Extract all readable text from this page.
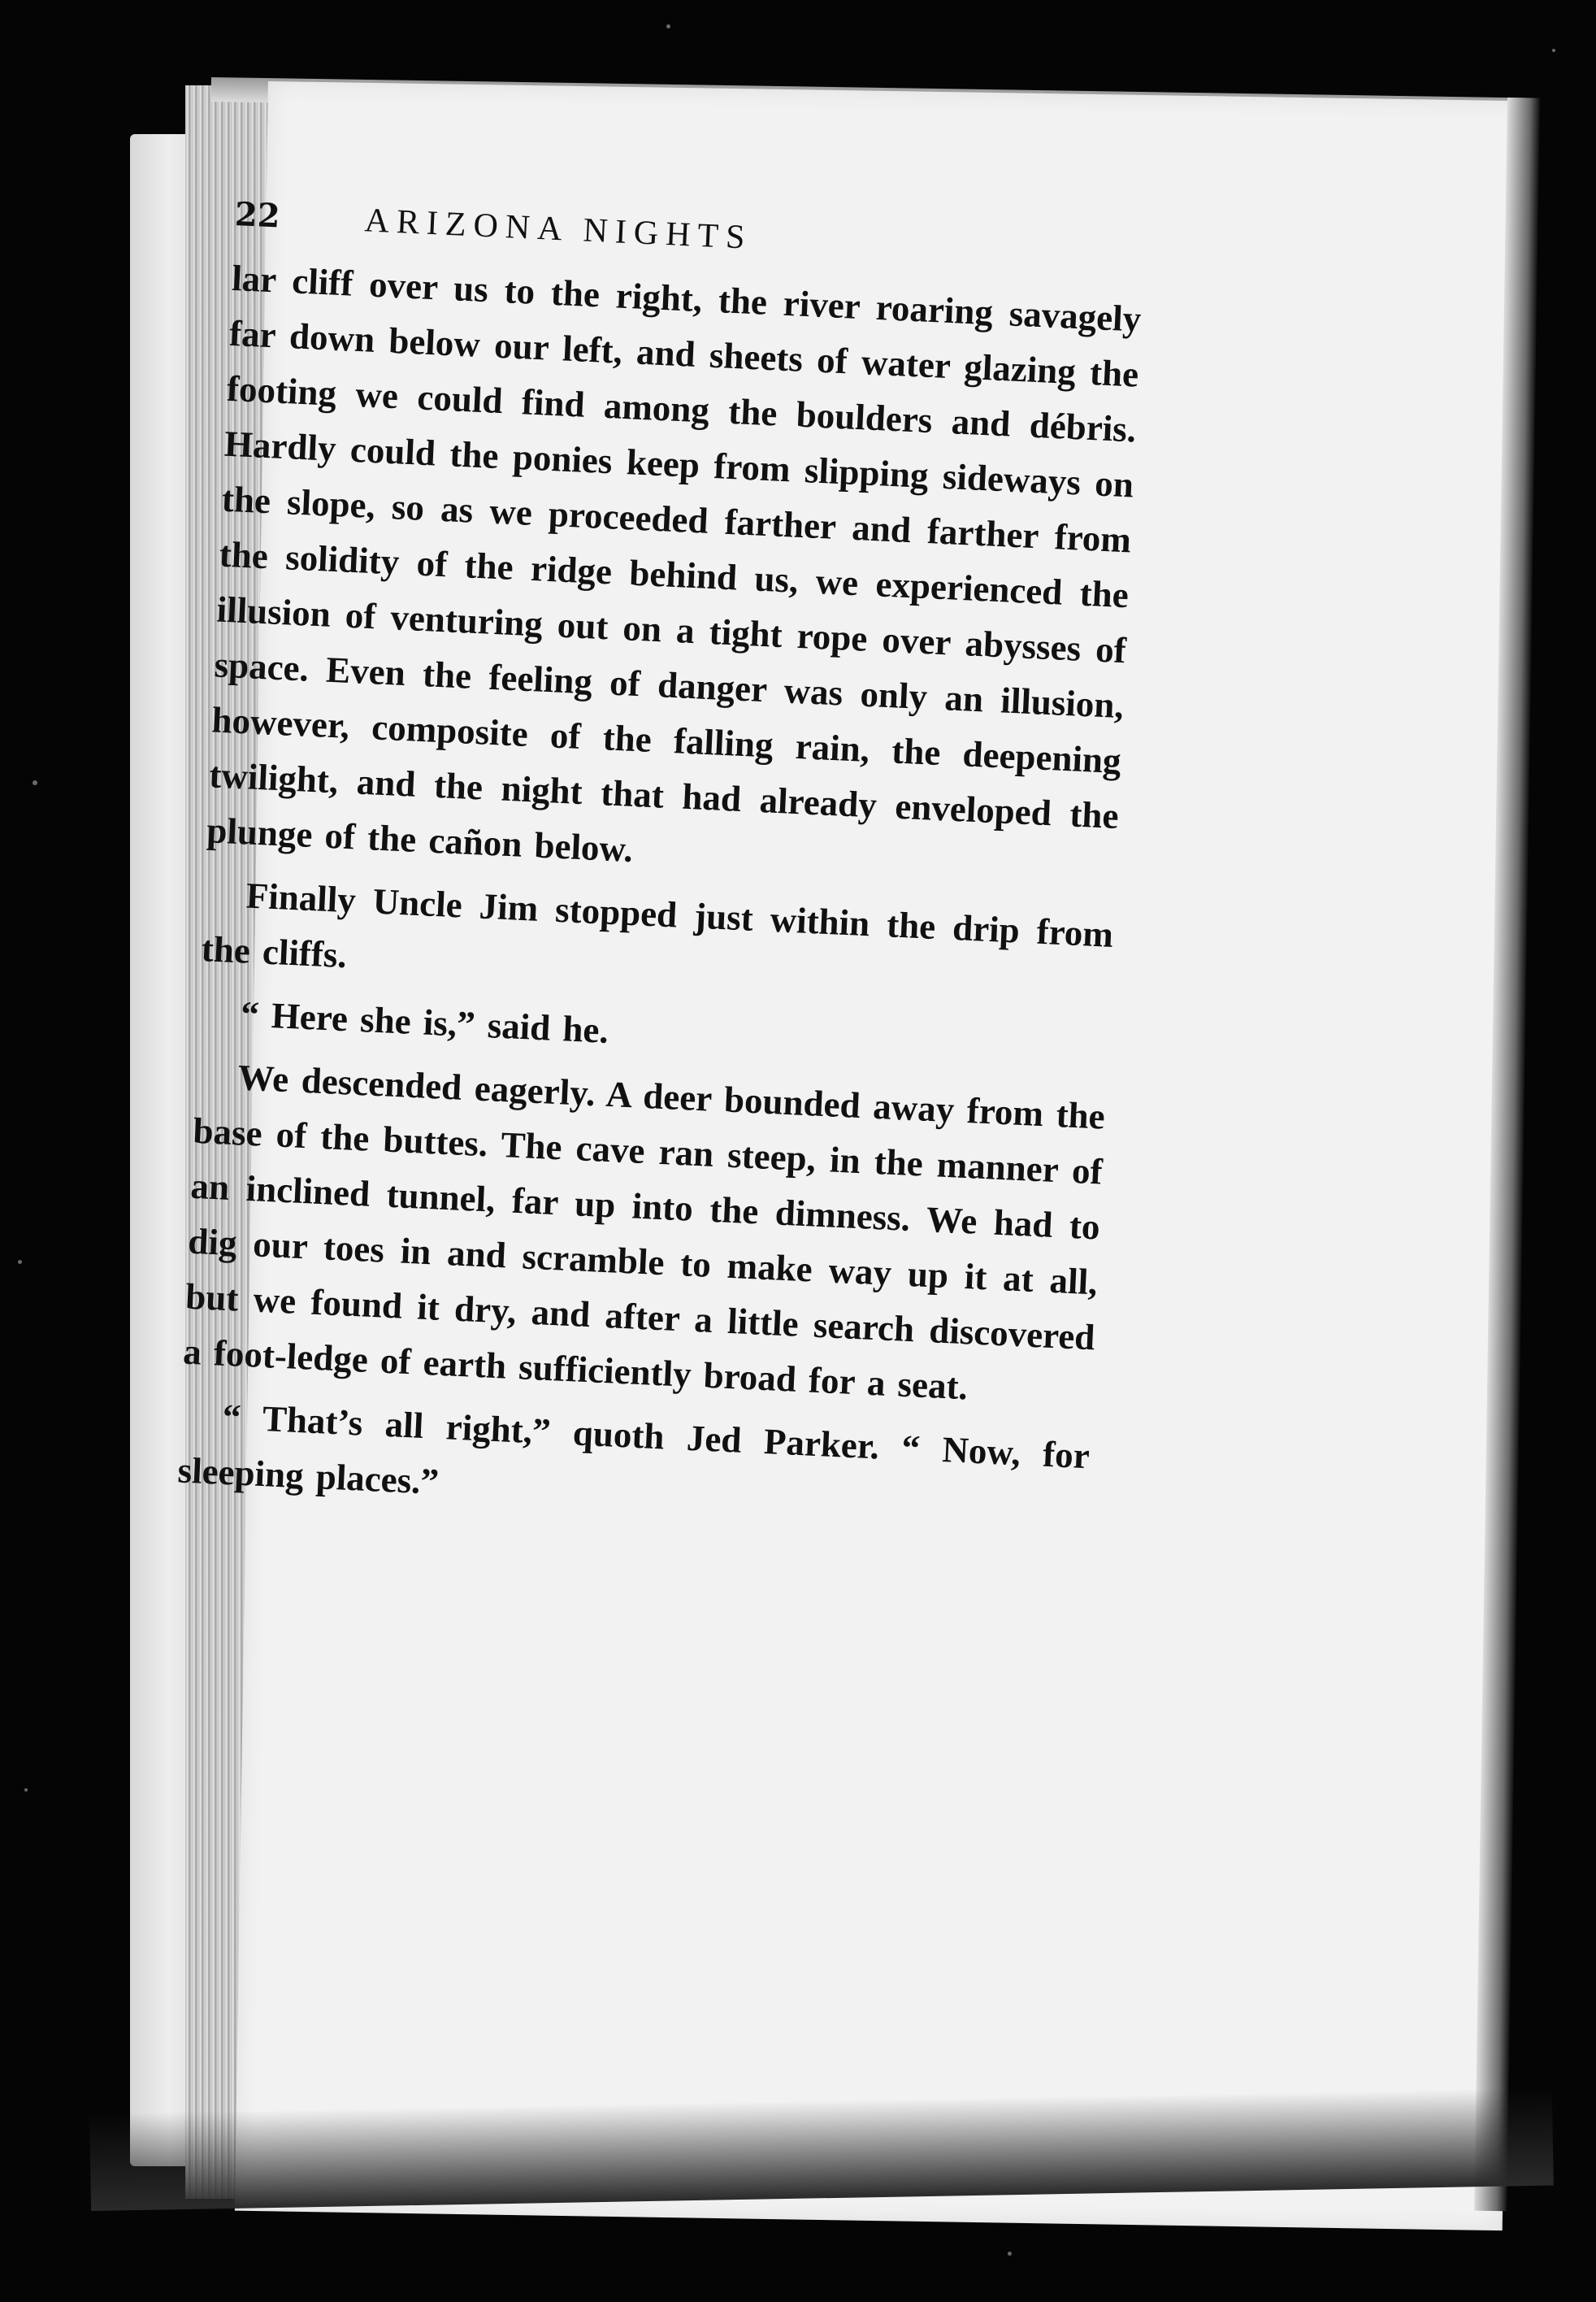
22	ARIZONA NIGHTS

lar cliff over us to the right, the river roaring savagely far down below our left, and sheets of water glazing the footing we could find among the boulders and débris. Hardly could the ponies keep from slipping sideways on the slope, so as we proceeded farther and farther from the solidity of the ridge behind us, we experienced the illusion of venturing out on a tight rope over abysses of space. Even the feeling of danger was only an illusion, however, composite of the falling rain, the deepening twilight, and the night that had already enveloped the plunge of the cañon below.

Finally Uncle Jim stopped just within the drip from the cliffs.

“ Here she is,” said he.

We descended eagerly. A deer bounded away from the base of the buttes. The cave ran steep, in the manner of an inclined tunnel, far up into the dimness. We had to dig our toes in and scramble to make way up it at all, but we found it dry, and after a little search discovered a foot-ledge of earth sufficiently broad for a seat.

“ That’s all right,” quoth Jed Parker. “ Now, for sleeping places.”
